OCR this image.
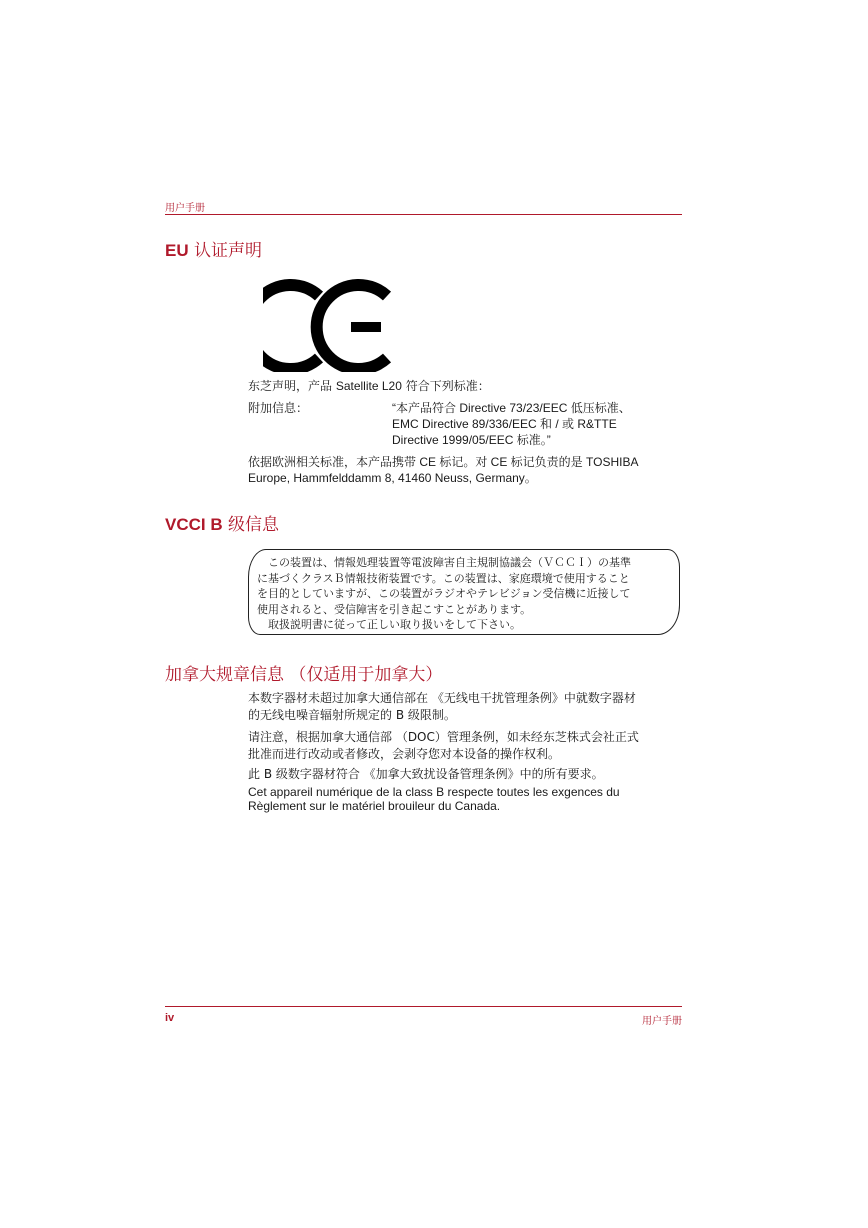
用户手册
EU 认证声明
东芝声明，产品 Satellite L20 符合下列标准：
附加信息：	“本产品符合 Directive 73/23/EEC 低压标准、
EMC Directive 89/336/EEC 和 / 或 R&TTE
Directive 1999/05/EEC 标准。”
依据欧洲相关标准，本产品携带 CE 标记。对 CE 标记负责的是 TOSHIBA
Europe, Hammfelddamm 8, 41460 Neuss, Germany。
VCCI B 级信息
　この装置は、情報処理装置等電波障害自主規制協議会（ＶＣＣＩ）の基準
に基づくクラスＢ情報技術装置です。この装置は、家庭環境で使用すること
を目的としていますが、この装置がラジオやテレビジョン受信機に近接して
使用されると、受信障害を引き起こすことがあります。
　取扱説明書に従って正しい取り扱いをして下さい。
加拿大规章信息 （仅适用于加拿大）
本数字器材未超过加拿大通信部在 《无线电干扰管理条例》中就数字器材
的无线电噪音辐射所规定的 B 级限制。
请注意，根据加拿大通信部 （DOC）管理条例，如未经东芝株式会社正式
批准而进行改动或者修改，会剥夺您对本设备的操作权利。
此 B 级数字器材符合 《加拿大致扰设备管理条例》中的所有要求。
Cet appareil numérique de la class B respecte toutes les exgences du
Règlement sur le matériel brouileur du Canada.
iv	用户手册
